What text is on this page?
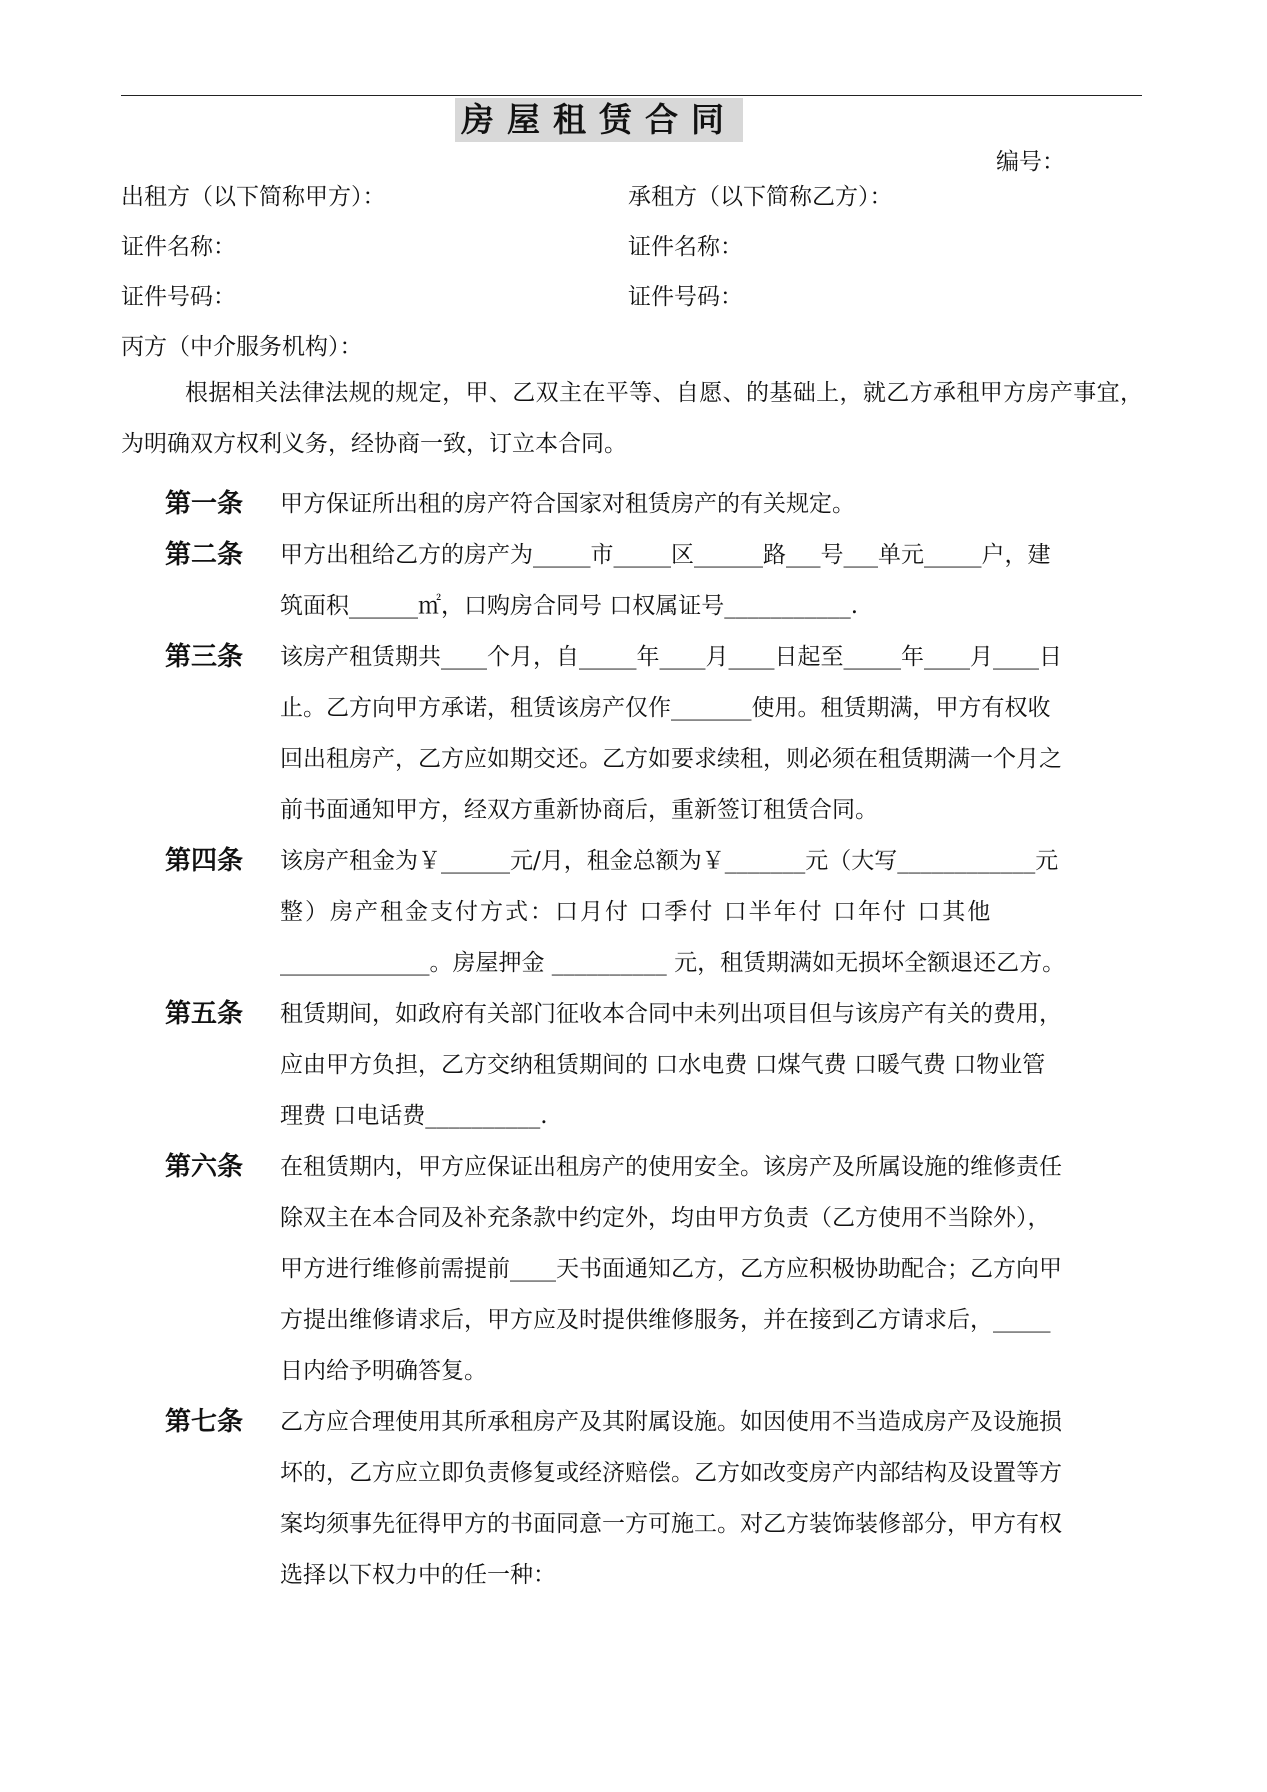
房屋租赁合同
编号：
出租方（以下简称甲方）：	承租方（以下简称乙方）：
证件名称：	证件名称：
证件号码：	证件号码：
丙方（中介服务机构）：
根据相关法律法规的规定，甲、乙双主在平等、自愿、的基础上，就乙方承租甲方房产事宜，为明确双方权利义务，经协商一致，订立本合同。
第一条 甲方保证所出租的房产符合国家对租赁房产的有关规定。
第二条 甲方出租给乙方的房产为_____市_____区______路___号___单元_____户，建
筑面积______㎡，口购房合同号 口权属证号___________.
第三条 该房产租赁期共____个月，自_____年____月____日起至_____年____月____日
止。乙方向甲方承诺，租赁该房产仅作_______使用。租赁期满，甲方有权收
回出租房产，乙方应如期交还。乙方如要求续租，则必须在租赁期满一个月之
前书面通知甲方，经双方重新协商后，重新签订租赁合同。
第四条 该房产租金为￥______元/月，租金总额为￥_______元（大写____________元
整）房产租金支付方式：口月付 口季付 口半年付 口年付 口其他
_____________。房屋押金 __________ 元，租赁期满如无损坏全额退还乙方。
第五条 租赁期间，如政府有关部门征收本合同中未列出项目但与该房产有关的费用，
应由甲方负担，乙方交纳租赁期间的 口水电费 口煤气费 口暖气费 口物业管
理费 口电话费__________.
第六条 在租赁期内，甲方应保证出租房产的使用安全。该房产及所属设施的维修责任
除双主在本合同及补充条款中约定外，均由甲方负责（乙方使用不当除外），
甲方进行维修前需提前____天书面通知乙方，乙方应积极协助配合；乙方向甲
方提出维修请求后，甲方应及时提供维修服务，并在接到乙方请求后，_____
日内给予明确答复。
第七条 乙方应合理使用其所承租房产及其附属设施。如因使用不当造成房产及设施损
坏的，乙方应立即负责修复或经济赔偿。乙方如改变房产内部结构及设置等方
案均须事先征得甲方的书面同意一方可施工。对乙方装饰装修部分，甲方有权
选择以下权力中的任一种：
